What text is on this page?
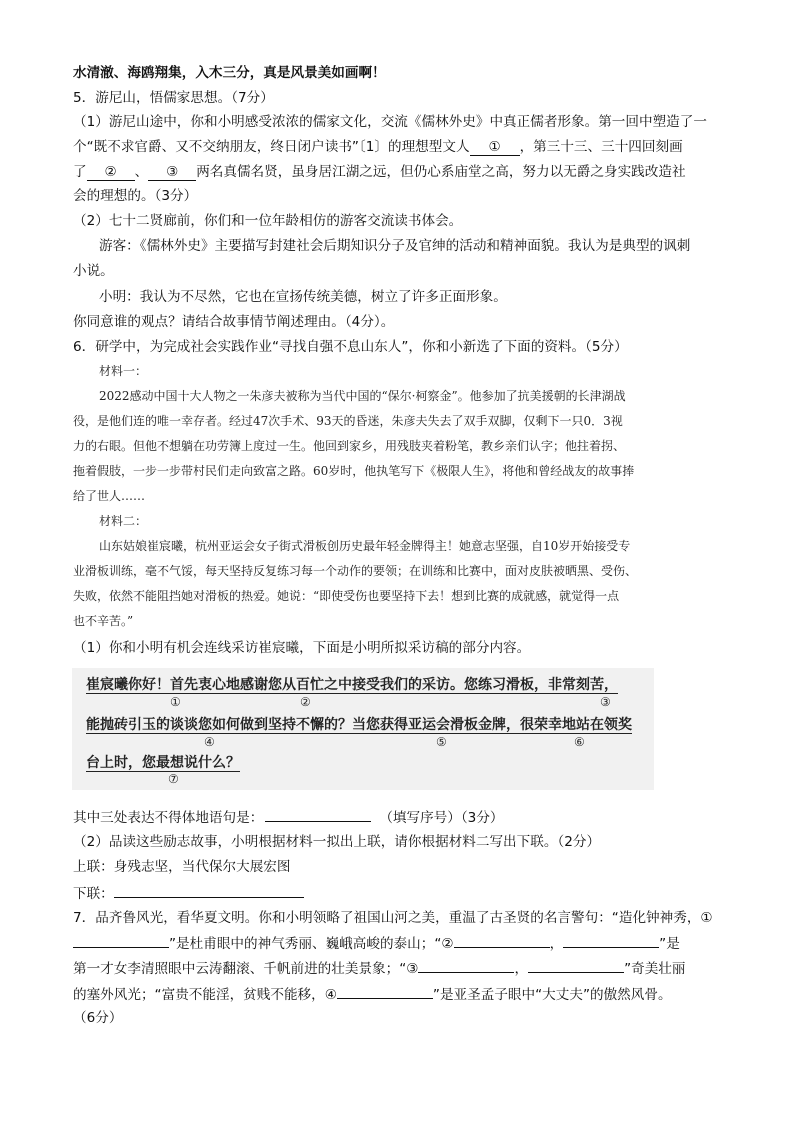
水清澈、海鸥翔集，入木三分，真是风景美如画啊！
5．游尼山，悟儒家思想。（7分）
（1）游尼山途中，你和小明感受浓浓的儒家文化，交流《儒林外史》中真正儒者形象。第一回中塑造了一
个“既不求官爵、又不交纳朋友，终日闭户读书”〔1〕的理想型文人 ① ，第三十三、三十四回刻画
了 ② 、 ③ 两名真儒名贤，虽身居江湖之远，但仍心系庙堂之高，努力以无爵之身实践改造社
会的理想的。（3分）
（2）七十二贤廊前，你们和一位年龄相仿的游客交流读书体会。
游客：《儒林外史》主要描写封建社会后期知识分子及官绅的活动和精神面貌。我认为是典型的讽刺
小说。
小明：我认为不尽然，它也在宣扬传统美德，树立了许多正面形象。
你同意谁的观点？请结合故事情节阐述理由。（4分）。
6．研学中，为完成社会实践作业“寻找自强不息山东人”，你和小新选了下面的资料。（5分）
材料一：
2022感动中国十大人物之一朱彦夫被称为当代中国的“保尔·柯察金”。他参加了抗美援朝的长津湖战
役，是他们连的唯一幸存者。经过47次手术、93天的昏迷，朱彦夫失去了双手双脚，仅剩下一只0．3视
力的右眼。但他不想躺在功劳簿上度过一生。他回到家乡，用残肢夹着粉笔，教乡亲们认字；他拄着拐、
拖着假肢，一步一步带村民们走向致富之路。60岁时，他执笔写下《极限人生》，将他和曾经战友的故事捧
给了世人……
材料二：
山东姑娘崔宸曦，杭州亚运会女子街式滑板创历史最年轻金牌得主！她意志坚强，自10岁开始接受专
业滑板训练，毫不气馁，每天坚持反复练习每一个动作的要领；在训练和比赛中，面对皮肤被晒黑、受伤、
失败，依然不能阻挡她对滑板的热爱。她说：“即使受伤也要坚持下去！想到比赛的成就感，就觉得一点
也不辛苦。”
（1）你和小明有机会连线采访崔宸曦，下面是小明所拟采访稿的部分内容。
崔宸曦你好！首先衷心地感谢您从百忙之中接受我们的采访。您练习滑板，非常刻苦，
①	②	③
能抛砖引玉的谈谈您如何做到坚持不懈的？当您获得亚运会滑板金牌，很荣幸地站在领奖
④	⑤	⑥
台上时，您最想说什么？
⑦
其中三处表达不得体地语句是：	（填写序号）（3分）
（2）品读这些励志故事，小明根据材料一拟出上联，请你根据材料二写出下联。（2分）
上联：身残志坚，当代保尔大展宏图
下联：
7．品齐鲁风光，看华夏文明。你和小明领略了祖国山河之美，重温了古圣贤的名言警句：“造化钟神秀，①
”是杜甫眼中的神气秀丽、巍峨高峻的泰山；“②	，	”是
第一才女李清照眼中云涛翻滚、千帆前进的壮美景象；“③	，	”奇美壮丽
的塞外风光；“富贵不能淫，贫贱不能移，④	”是亚圣孟子眼中“大丈夫”的傲然风骨。
（6分）
